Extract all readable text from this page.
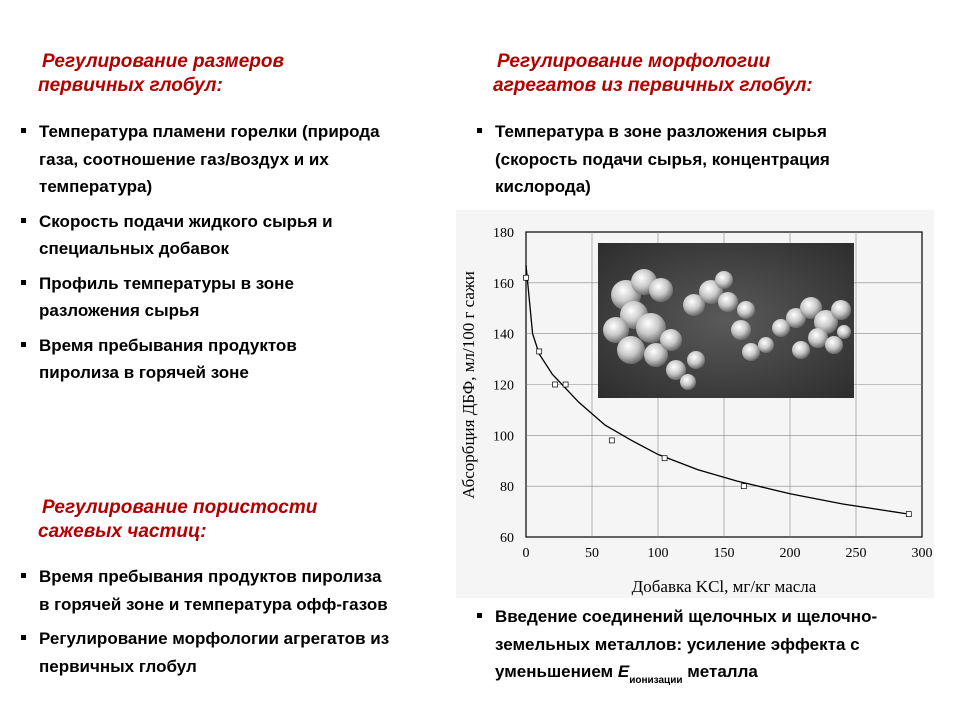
Регулирование размеров
первичных глобул:
Температура пламени горелки (природа
газа, соотношение газ/воздух и их
температура)
Скорость подачи жидкого сырья и
специальных добавок
Профиль температуры в зоне
разложения сырья
Время пребывания продуктов
пиролиза в горячей зоне
Регулирование пористости
сажевых частиц:
Время пребывания продуктов пиролиза
в горячей зоне и температура офф-газов
Регулирование морфологии агрегатов из
первичных глобул
Регулирование морфологии
агрегатов из первичных глобул:
Температура в зоне разложения сырья
(скорость подачи сырья, концентрация
кислорода)
0	50	100	150	200	250	300
60
80
100
120
140
160
180
Добавка KCl, мг/кг масла
Абсорбция ДБФ, мл/100 г сажи
Введение соединений щелочных и щелочно-
земельных металлов: усиление эффекта с
уменьшением $E_{ионизации}$ металла
